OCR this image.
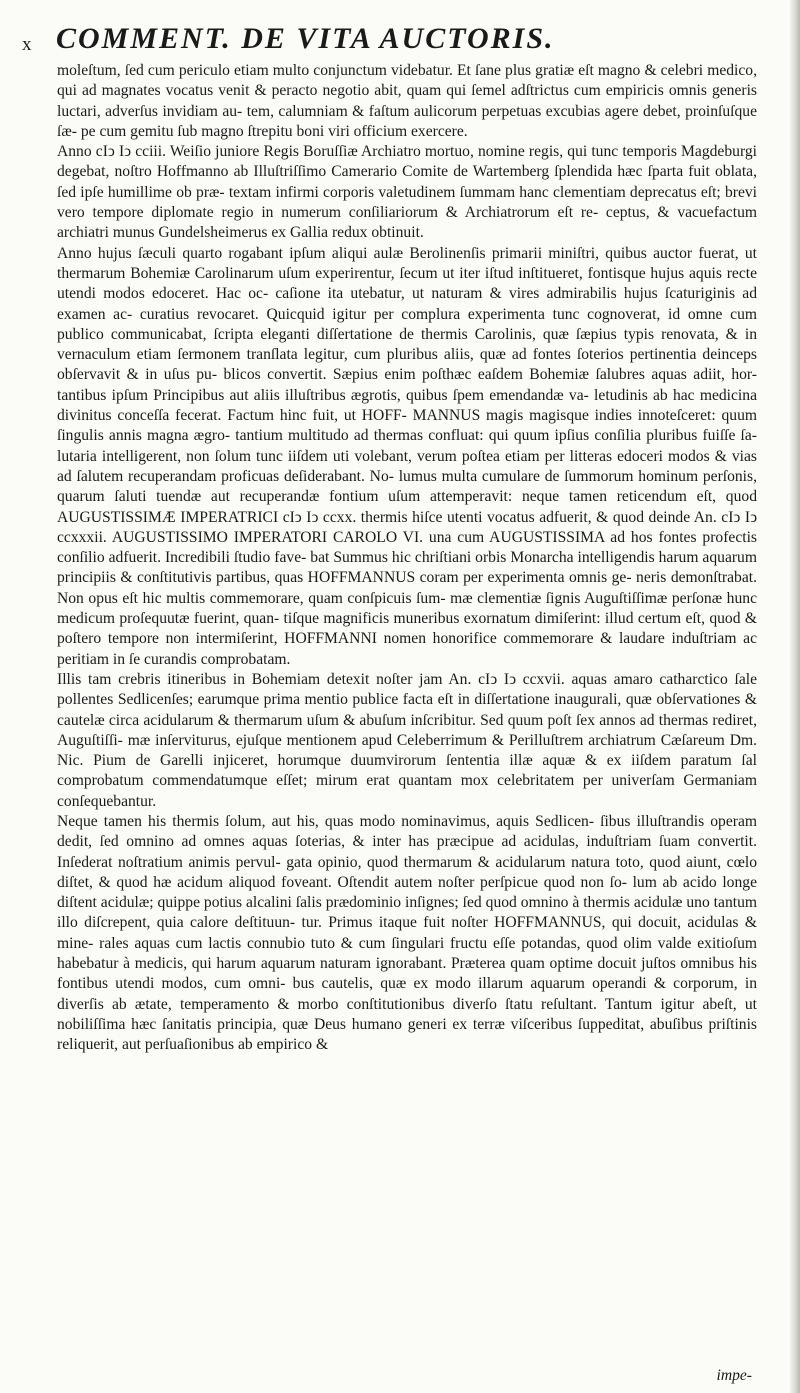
x COMMENT. DE VITA AUCTORIS.

moleſtum, ſed cum periculo etiam multo conjunctum videbatur. Et ſane plus gratiæ eſt magno & celebri medico, qui ad magnates vocatus venit & peracto negotio abit, quam qui ſemel adſtrictus cum empiricis omnis generis luctari, adverſus invidiam au- tem, calumniam & faſtum aulicorum perpetuas excubias agere debet, proinſuſque ſæ- pe cum gemitu ſub magno ſtrepitu boni viri officium exercere.

Anno cIↄ Iↄ cciii. Weiſio juniore Regis Boruſſiæ Archiatro mortuo, nomine regis, qui tunc temporis Magdeburgi degebat, noſtro Hoffmanno ab Illuſtriſſimo Camerario Comite de Wartemberg ſplendida hæc ſparta fuit oblata, ſed ipſe humillime ob præ- textam infirmi corporis valetudinem ſummam hanc clementiam deprecatus eſt; brevi vero tempore diplomate regio in numerum conſiliariorum & Archiatrorum eſt re- ceptus, & vacuefactum archiatri munus Gundelsheimerus ex Gallia redux obtinuit.

Anno hujus ſæculi quarto rogabant ipſum aliqui aulæ Berolinenſis primarii miniſtri, quibus auctor fuerat, ut thermarum Bohemiæ Carolinarum uſum experirentur, ſecum ut iter iſtud inſtitueret, fontisque hujus aquis recte utendi modos edoceret. Hac oc- caſione ita utebatur, ut naturam & vires admirabilis hujus ſcaturiginis ad examen ac- curatius revocaret. Quicquid igitur per complura experimenta tunc cognoverat, id omne cum publico communicabat, ſcripta eleganti diſſertatione de thermis Carolinis, quæ ſæpius typis renovata, & in vernaculum etiam ſermonem tranſlata legitur, cum pluribus aliis, quæ ad fontes ſoterios pertinentia deinceps obſervavit & in uſus pu- blicos convertit. Sæpius enim poſthæc eaſdem Bohemiæ ſalubres aquas adiit, hor- tantibus ipſum Principibus aut aliis illuſtribus ægrotis, quibus ſpem emendandæ va- letudinis ab hac medicina divinitus conceſſa fecerat. Factum hinc fuit, ut HOFF- MANNUS magis magisque indies innoteſceret: quum ſingulis annis magna ægro- tantium multitudo ad thermas confluat: qui quum ipſius conſilia pluribus fuiſſe ſa- lutaria intelligerent, non ſolum tunc iiſdem uti volebant, verum poſtea etiam per litteras edoceri modos & vias ad ſalutem recuperandam proficuas deſiderabant. No- lumus multa cumulare de ſummorum hominum perſonis, quarum ſaluti tuendæ aut recuperandæ fontium uſum attemperavit: neque tamen reticendum eſt, quod AUGUSTISSIMÆ IMPERATRICI cIↄ Iↄ ccxx. thermis hiſce utenti vocatus adfuerit, & quod deinde An. cIↄ Iↄ ccxxxii. AUGUSTISSIMO IMPERATORI CAROLO VI. una cum AUGUSTISSIMA ad hos fontes profectis conſilio adfuerit. Incredibili ſtudio fave- bat Summus hic chriſtiani orbis Monarcha intelligendis harum aquarum principiis & conſtitutivis partibus, quas HOFFMANNUS coram per experimenta omnis ge- neris demonſtrabat. Non opus eſt hic multis commemorare, quam conſpicuis ſum- mæ clementiæ ſignis Auguſtiſſimæ perſonæ hunc medicum proſequutæ fuerint, quan- tiſque magnificis muneribus exornatum dimiſerint: illud certum eſt, quod & poſtero tempore non intermiſerint, HOFFMANNI nomen honorifice commemorare & laudare induſtriam ac peritiam in ſe curandis comprobatam.

Illis tam crebris itineribus in Bohemiam detexit noſter jam An. cIↄ Iↄ ccxvii. aquas amaro catharctico ſale pollentes Sedlicenſes; earumque prima mentio publice facta eſt in diſſertatione inaugurali, quæ obſervationes & cautelæ circa acidularum & thermarum uſum & abuſum inſcribitur. Sed quum poſt ſex annos ad thermas rediret, Auguſtiſſi- mæ inſerviturus, ejuſque mentionem apud Celeberrimum & Perilluſtrem archiatrum Cæſareum Dm. Nic. Pium de Garelli injiceret, horumque duumvirorum ſententia illæ aquæ & ex iiſdem paratum ſal comprobatum commendatumque eſſet; mirum erat quantam mox celebritatem per univerſam Germaniam conſequebantur.

Neque tamen his thermis ſolum, aut his, quas modo nominavimus, aquis Sedlicen- ſibus illuſtrandis operam dedit, ſed omnino ad omnes aquas ſoterias, & inter has præcipue ad acidulas, induſtriam ſuam convertit. Inſederat noſtratium animis pervul- gata opinio, quod thermarum & acidularum natura toto, quod aiunt, cœlo diſtet, & quod hæ acidum aliquod foveant. Oſtendit autem noſter perſpicue quod non ſo- lum ab acido longe diſtent acidulæ; quippe potius alcalini ſalis prædominio inſignes; ſed quod omnino à thermis acidulæ uno tantum illo diſcrepent, quia calore deſtituun- tur. Primus itaque fuit noſter HOFFMANNUS, qui docuit, acidulas & mine- rales aquas cum lactis connubio tuto & cum ſingulari fructu eſſe potandas, quod olim valde exitioſum habebatur à medicis, qui harum aquarum naturam ignorabant. Præterea quam optime docuit juſtos omnibus his fontibus utendi modos, cum omni- bus cautelis, quæ ex modo illarum aquarum operandi & corporum, in diverſis ab ætate, temperamento & morbo conſtitutionibus diverſo ſtatu reſultant. Tantum igitur abeſt, ut nobiliſſima hæc ſanitatis principia, quæ Deus humano generi ex terræ viſceribus ſuppeditat, abuſibus priſtinis reliquerit, aut perſuaſionibus ab empirico &

impe-
